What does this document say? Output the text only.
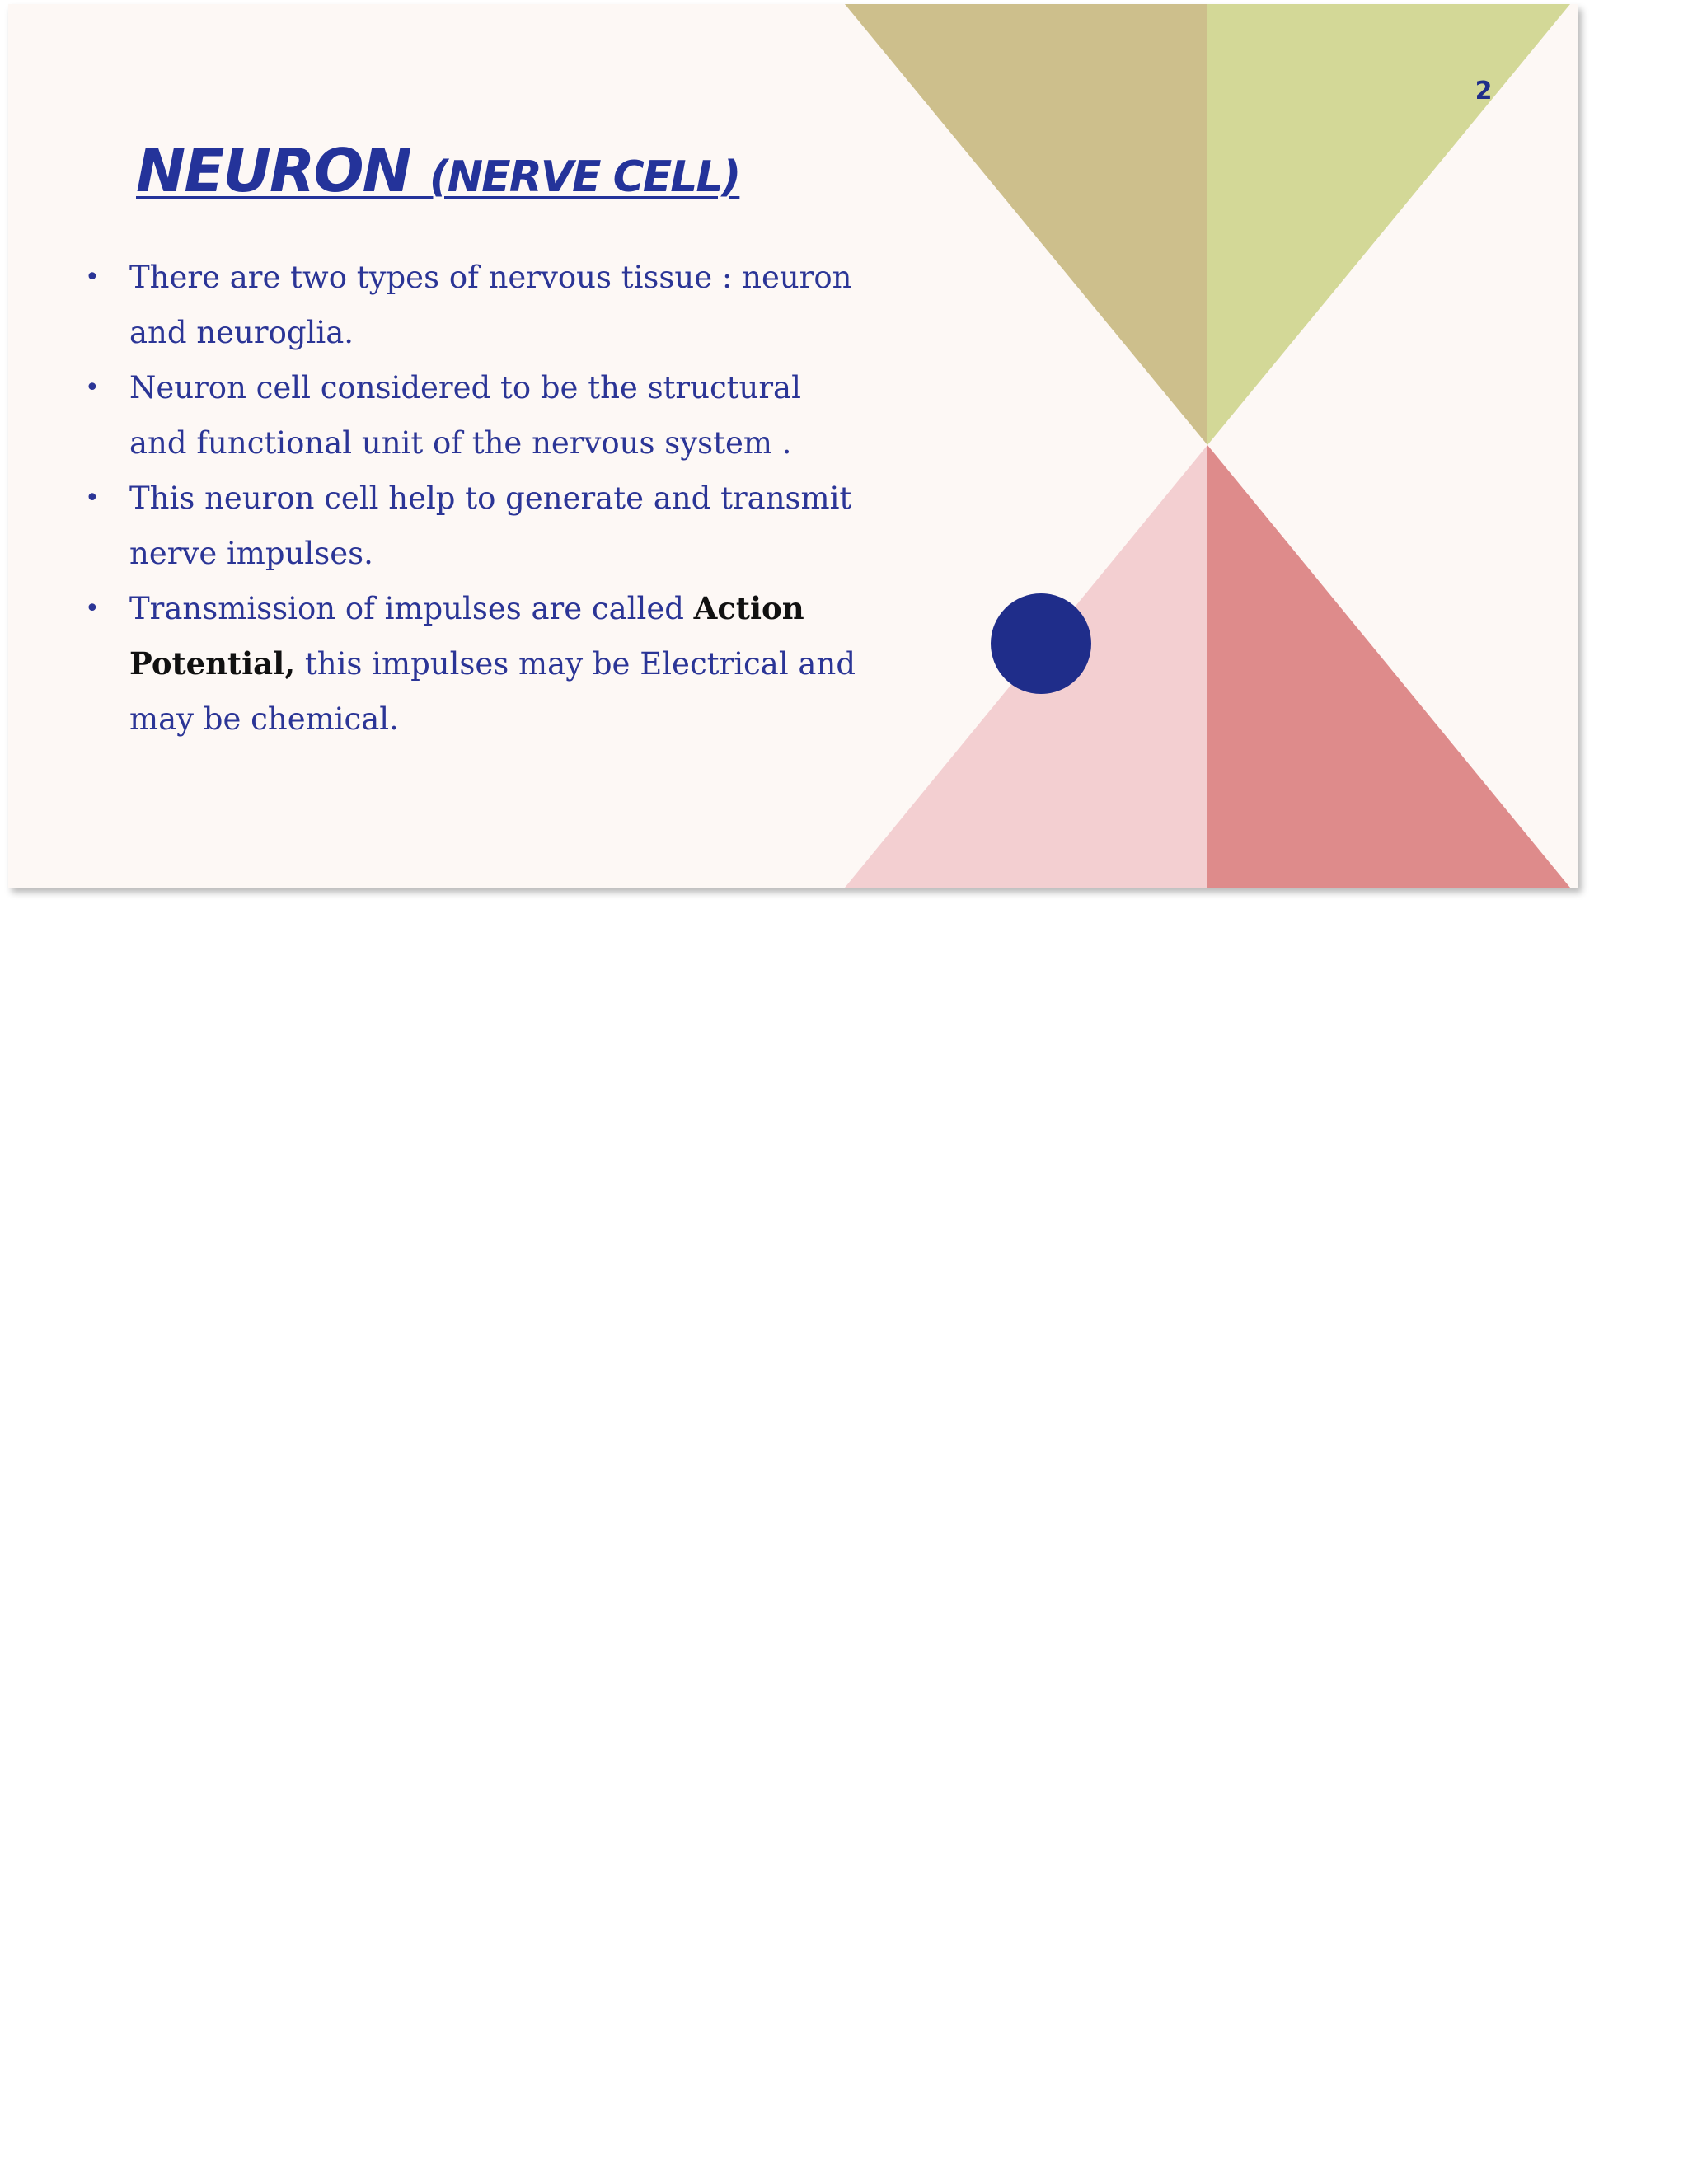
2
NEURON (NERVE CELL)
• There are two types of nervous tissue : neuron and neuroglia.
• Neuron cell considered to be the structural and functional unit of the nervous system .
• This neuron cell help to generate and transmit nerve impulses.
• Transmission of impulses are called Action Potential, this impulses may be Electrical and may be chemical.
